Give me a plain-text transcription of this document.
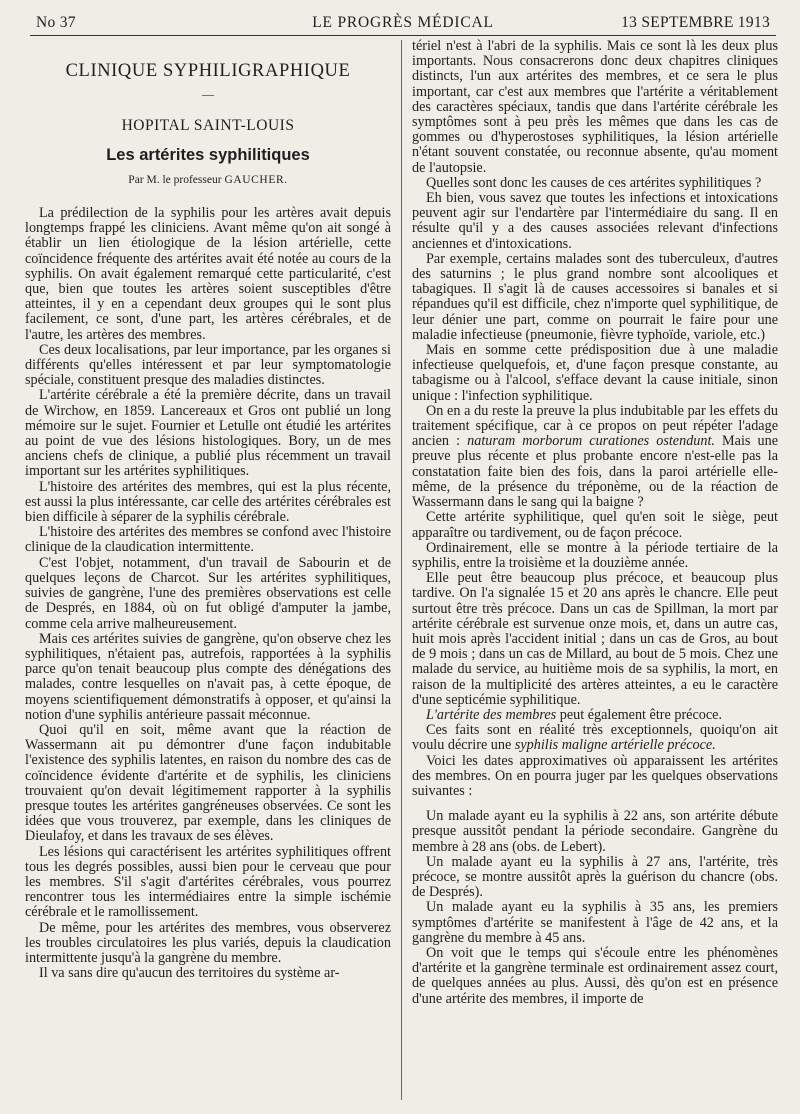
No 37	LE PROGRÈS MÉDICAL	13 SEPTEMBRE 1913
CLINIQUE SYPHILIGRAPHIQUE
—
HOPITAL SAINT-LOUIS
Les artérites syphilitiques
Par M. le professeur GAUCHER.

La prédilection de la syphilis pour les artères avait depuis longtemps frappé les cliniciens. Avant même qu'on ait songé à établir un lien étiologique de la lésion artérielle, cette coïncidence fréquente des artérites avait été notée au cours de la syphilis. On avait également remarqué cette particularité, c'est que, bien que toutes les artères soient susceptibles d'être atteintes, il y en a cependant deux groupes qui le sont plus facilement, ce sont, d'une part, les artères cérébrales, et de l'autre, les artères des membres.

Ces deux localisations, par leur importance, par les organes si différents qu'elles intéressent et par leur symptomatologie spéciale, constituent presque des maladies distinctes.

L'artérite cérébrale a été la première décrite, dans un travail de Wirchow, en 1859. Lancereaux et Gros ont publié un long mémoire sur le sujet. Fournier et Letulle ont étudié les artérites au point de vue des lésions histologiques. Bory, un de mes anciens chefs de clinique, a publié plus récemment un travail important sur les artérites syphilitiques.

L'histoire des artérites des membres, qui est la plus récente, est aussi la plus intéressante, car celle des artérites cérébrales est bien difficile à séparer de la syphilis cérébrale.

L'histoire des artérites des membres se confond avec l'histoire clinique de la claudication intermittente.

C'est l'objet, notamment, d'un travail de Sabourin et de quelques leçons de Charcot. Sur les artérites syphilitiques, suivies de gangrène, l'une des premières observations est celle de Després, en 1884, où on fut obligé d'amputer la jambe, comme cela arrive malheureusement.

Mais ces artérites suivies de gangrène, qu'on observe chez les syphilitiques, n'étaient pas, autrefois, rapportées à la syphilis parce qu'on tenait beaucoup plus compte des dénégations des malades, contre lesquelles on n'avait pas, à cette époque, de moyens scientifiquement démonstratifs à opposer, et qu'ainsi la notion d'une syphilis antérieure passait méconnue.

Quoi qu'il en soit, même avant que la réaction de Wassermann ait pu démontrer d'une façon indubitable l'existence des syphilis latentes, en raison du nombre des cas de coïncidence évidente d'artérite et de syphilis, les cliniciens trouvaient qu'on devait légitimement rapporter à la syphilis presque toutes les artérites gangréneuses observées. Ce sont les idées que vous trouverez, par exemple, dans les cliniques de Dieulafoy, et dans les travaux de ses élèves.

Les lésions qui caractérisent les artérites syphilitiques offrent tous les degrés possibles, aussi bien pour le cerveau que pour les membres. S'il s'agit d'artérites cérébrales, vous pourrez rencontrer tous les intermédiaires entre la simple ischémie cérébrale et le ramollissement.

De même, pour les artérites des membres, vous observerez les troubles circulatoires les plus variés, depuis la claudication intermittente jusqu'à la gangrène du membre.

Il va sans dire qu'aucun des territoires du système ar-

tériel n'est à l'abri de la syphilis. Mais ce sont là les deux plus importants. Nous consacrerons donc deux chapitres cliniques distincts, l'un aux artérites des membres, et ce sera le plus important, car c'est aux membres que l'artérite a véritablement des caractères spéciaux, tandis que dans l'artérite cérébrale les symptômes sont à peu près les mêmes que dans les cas de gommes ou d'hyperostoses syphilitiques, la lésion artérielle n'étant souvent constatée, ou reconnue absente, qu'au moment de l'autopsie.

Quelles sont donc les causes de ces artérites syphilitiques ?

Eh bien, vous savez que toutes les infections et intoxications peuvent agir sur l'endartère par l'intermédiaire du sang. Il en résulte qu'il y a des causes associées relevant d'infections anciennes et d'intoxications.

Par exemple, certains malades sont des tuberculeux, d'autres des saturnins ; le plus grand nombre sont alcooliques et tabagiques. Il s'agit là de causes accessoires si banales et si répandues qu'il est difficile, chez n'importe quel syphilitique, de leur dénier une part, comme on pourrait le faire pour une maladie infectieuse (pneumonie, fièvre typhoïde, variole, etc.)

Mais en somme cette prédisposition due à une maladie infectieuse quelquefois, et, d'une façon presque constante, au tabagisme ou à l'alcool, s'efface devant la cause initiale, sinon unique : l'infection syphilitique.

On en a du reste la preuve la plus indubitable par les effets du traitement spécifique, car à ce propos on peut répéter l'adage ancien : naturam morborum curationes ostendunt. Mais une preuve plus récente et plus probante encore n'est-elle pas la constatation faite bien des fois, dans la paroi artérielle elle-même, de la présence du tréponème, ou de la réaction de Wassermann dans le sang qui la baigne ?

Cette artérite syphilitique, quel qu'en soit le siège, peut apparaître ou tardivement, ou de façon précoce.

Ordinairement, elle se montre à la période tertiaire de la syphilis, entre la troisième et la douzième année.

Elle peut être beaucoup plus précoce, et beaucoup plus tardive. On l'a signalée 15 et 20 ans après le chancre. Elle peut surtout être très précoce. Dans un cas de Spillman, la mort par artérite cérébrale est survenue onze mois, et, dans un autre cas, huit mois après l'accident initial ; dans un cas de Gros, au bout de 9 mois ; dans un cas de Millard, au bout de 5 mois. Chez une malade du service, au huitième mois de sa syphilis, la mort, en raison de la multiplicité des artères atteintes, a eu le caractère d'une septicémie syphilitique.

L'artérite des membres peut également être précoce.

Ces faits sont en réalité très exceptionnels, quoiqu'on ait voulu décrire une syphilis maligne artérielle précoce.

Voici les dates approximatives où apparaissent les artérites des membres. On en pourra juger par les quelques observations suivantes :

Un malade ayant eu la syphilis à 22 ans, son artérite débute presque aussitôt pendant la période secondaire. Gangrène du membre à 28 ans (obs. de Lebert).

Un malade ayant eu la syphilis à 27 ans, l'artérite, très précoce, se montre aussitôt après la guérison du chancre (obs. de Després).

Un malade ayant eu la syphilis à 35 ans, les premiers symptômes d'artérite se manifestent à l'âge de 42 ans, et la gangrène du membre à 45 ans.

On voit que le temps qui s'écoule entre les phénomènes d'artérite et la gangrène terminale est ordinairement assez court, de quelques années au plus. Aussi, dès qu'on est en présence d'une artérite des membres, il importe de
